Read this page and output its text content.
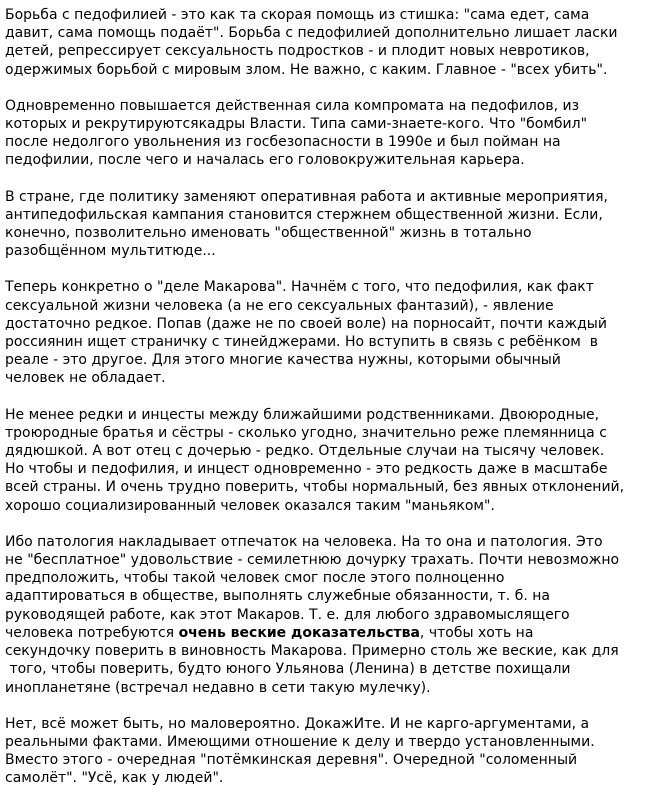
Борьба с педофилией - это как та скорая помощь из стишка: "сама едет, сама
давит, сама помощь подаёт". Борьба с педофилией дополнительно лишает ласки
детей, репрессирует сексуальность подростков - и плодит новых невротиков,
одержимых борьбой с мировым злом. Не важно, с каким. Главное - "всех убить".

Одновременно повышается действенная сила компромата на педофилов, из
которых и рекрутируютсякадры Власти. Типа сами-знаете-кого. Что "бомбил"
после недолгого увольнения из госбезопасности в 1990е и был пойман на
педофилии, после чего и началась его головокружительная карьера.

В стране, где политику заменяют оперативная работа и активные мероприятия,
антипедофильская кампания становится стержнем общественной жизни. Если,
конечно, позволительно именовать "общественной" жизнь в тотально
разобщённом мультитюде...

Теперь конкретно о "деле Макарова". Начнём с того, что педофилия, как факт
сексуальной жизни человека (а не его сексуальных фантазий), - явление
достаточно редкое. Попав (даже не по своей воле) на порносайт, почти каждый
россиянин ищет страничку с тинейджерами. Но вступить в связь с ребёнком  в
реале - это другое. Для этого многие качества нужны, которыми обычный
человек не обладает.

Не менее редки и инцесты между ближайшими родственниками. Двоюродные,
троюродные братья и сёстры - сколько угодно, значительно реже племянница с
дядюшкой. А вот отец с дочерью - редко. Отдельные случаи на тысячу человек.
Но чтобы и педофилия, и инцест одновременно - это редкость даже в масштабе
всей страны. И очень трудно поверить, чтобы нормальный, без явных отклонений,
хорошо социализированный человек оказался таким "маньяком".

Ибо патология накладывает отпечаток на человека. На то она и патология. Это
не "бесплатное" удовольствие - семилетнюю дочурку трахать. Почти невозможно
предположить, чтобы такой человек смог после этого полноценно
адаптироваться в обществе, выполнять служебные обязанности, т. б. на
руководящей работе, как этот Макаров. Т. е. для любого здравомыслящего
человека потребуются очень веские доказательства, чтобы хоть на
секундочку поверить в виновность Макарова. Примерно столь же веские, как для
того, чтобы поверить, будто юного Ульянова (Ленина) в детстве похищали
инопланетяне (встречал недавно в сети такую мулечку).

Нет, всё может быть, но маловероятно. ДокажИте. И не карго-аргументами, а
реальными фактами. Имеющими отношение к делу и твердо установленными.
Вместо этого - очередная "потёмкинская деревня". Очередной "соломенный
самолёт". "Усё, как у людей".
